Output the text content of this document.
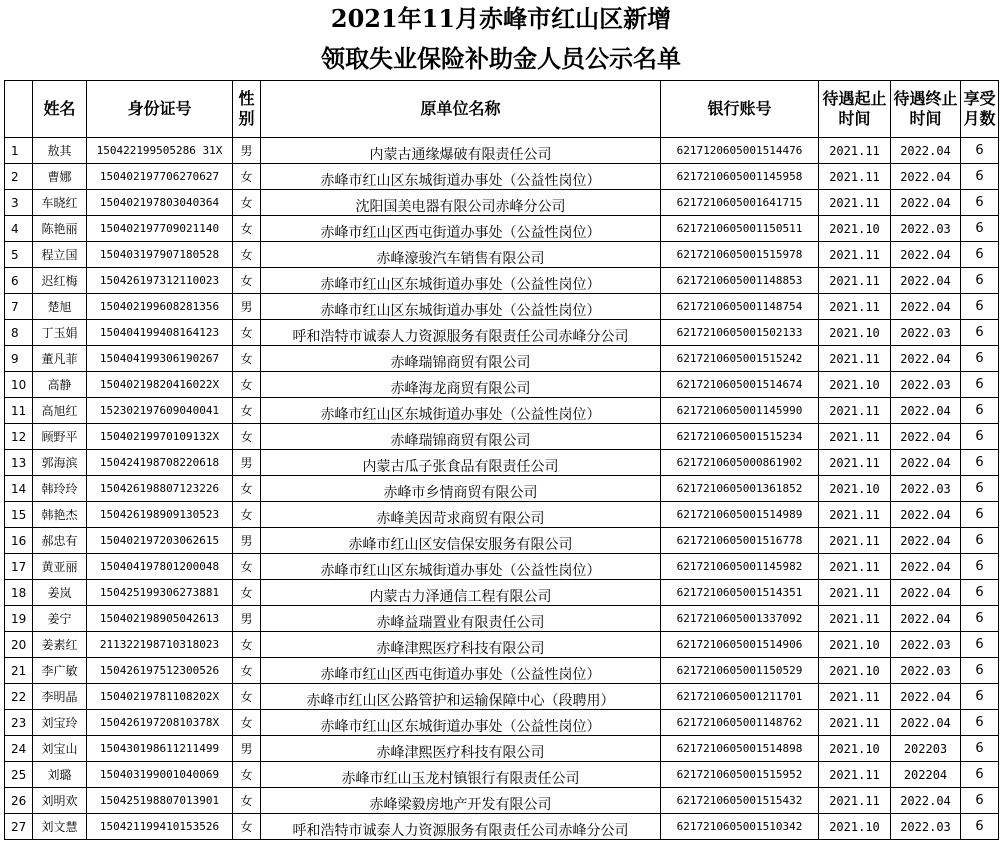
2021年11月赤峰市红山区新增
领取失业保险补助金人员公示名单
	姓名	身份证号	性别	原单位名称	银行账号	待遇起止时间	待遇终止时间	享受月数
1	敖其	150422199505286 31X	男	内蒙古通缘爆破有限责任公司	6217120605001514476	2021.11	2022.04	6
2	曹娜	150402197706270627	女	赤峰市红山区东城街道办事处（公益性岗位）	6217210605001145958	2021.11	2022.04	6
3	车晓红	150402197803040364	女	沈阳国美电器有限公司赤峰分公司	6217210605001641715	2021.11	2022.04	6
4	陈艳丽	150402197709021140	女	赤峰市红山区西屯街道办事处（公益性岗位）	6217210605001150511	2021.10	2022.03	6
5	程立国	150403197907180528	女	赤峰濠骏汽车销售有限公司	6217210605001515978	2021.11	2022.04	6
6	迟红梅	150426197312110023	女	赤峰市红山区东城街道办事处（公益性岗位）	6217210605001148853	2021.11	2022.04	6
7	楚旭	150402199608281356	男	赤峰市红山区东城街道办事处（公益性岗位）	6217210605001148754	2021.11	2022.04	6
8	丁玉娟	150404199408164123	女	呼和浩特市诚泰人力资源服务有限责任公司赤峰分公司	6217210605001502133	2021.10	2022.03	6
9	董凡菲	150404199306190267	女	赤峰瑞锦商贸有限公司	6217210605001515242	2021.11	2022.04	6
10	高静	15040219820416022X	女	赤峰海龙商贸有限公司	6217210605001514674	2021.10	2022.03	6
11	高旭红	152302197609040041	女	赤峰市红山区东城街道办事处（公益性岗位）	6217210605001145990	2021.11	2022.04	6
12	顾野平	15040219970109132X	女	赤峰瑞锦商贸有限公司	6217210605001515234	2021.11	2022.04	6
13	郭海滨	150424198708220618	男	内蒙古瓜子张食品有限责任公司	6217210605000861902	2021.11	2022.04	6
14	韩玲玲	150426198807123226	女	赤峰市乡情商贸有限公司	6217210605001361852	2021.10	2022.03	6
15	韩艳杰	150426198909130523	女	赤峰美因苛求商贸有限公司	6217210605001514989	2021.11	2022.04	6
16	郝忠有	150402197203062615	男	赤峰市红山区安信保安服务有限公司	6217210605001516778	2021.11	2022.04	6
17	黄亚丽	150404197801200048	女	赤峰市红山区东城街道办事处（公益性岗位）	6217210605001145982	2021.11	2022.04	6
18	姜岚	150425199306273881	女	内蒙古力泽通信工程有限公司	6217210605001514351	2021.11	2022.04	6
19	姜宁	150402198905042613	男	赤峰益瑞置业有限责任公司	6217210605001337092	2021.11	2022.04	6
20	姜素红	211322198710318023	女	赤峰津熙医疗科技有限公司	6217210605001514906	2021.10	2022.03	6
21	李广敏	150426197512300526	女	赤峰市红山区西屯街道办事处（公益性岗位）	6217210605001150529	2021.10	2022.03	6
22	李明晶	15040219781108202X	女	赤峰市红山区公路管护和运输保障中心（段聘用）	6217210605001211701	2021.11	2022.04	6
23	刘宝玲	15042619720810378X	女	赤峰市红山区东城街道办事处（公益性岗位）	6217210605001148762	2021.11	2022.04	6
24	刘宝山	150430198611211499	男	赤峰津熙医疗科技有限公司	6217210605001514898	2021.10	202203	6
25	刘璐	150403199001040069	女	赤峰市红山玉龙村镇银行有限责任公司	6217210605001515952	2021.11	202204	6
26	刘明欢	150425198807013901	女	赤峰梁毅房地产开发有限公司	6217210605001515432	2021.11	2022.04	6
27	刘文慧	150421199410153526	女	呼和浩特市诚泰人力资源服务有限责任公司赤峰分公司	6217210605001510342	2021.10	2022.03	6
